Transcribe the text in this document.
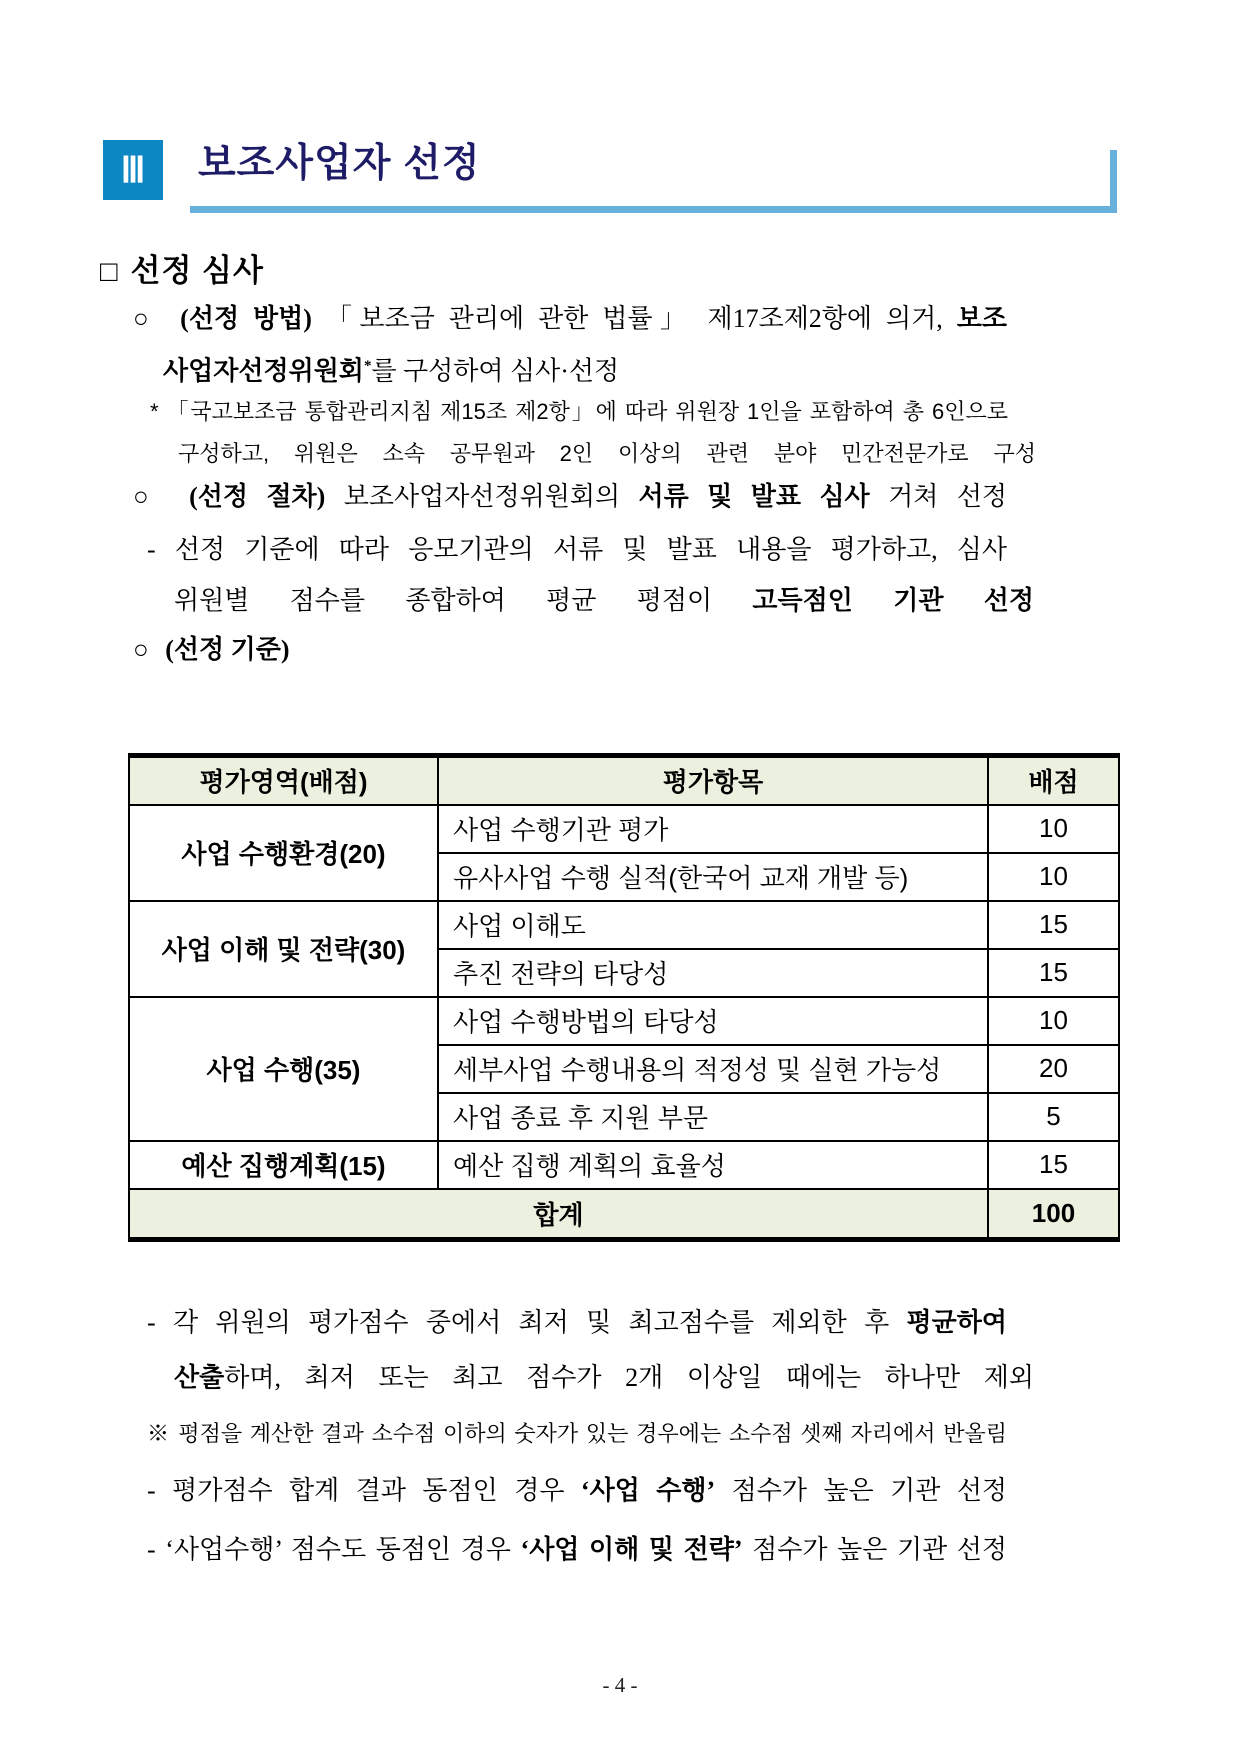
Ⅲ 보조사업자 선정
□ 선정 심사
○ (선정 방법) 「보조금 관리에 관한 법률」 제17조제2항에 의거, 보조
사업자선정위원회*를 구성하여 심사·선정
* 「국고보조금 통합관리지침 제15조 제2항」에 따라 위원장 1인을 포함하여 총 6인으로
구성하고, 위원은 소속 공무원과 2인 이상의 관련 분야 민간전문가로 구성
○ (선정 절차) 보조사업자선정위원회의 서류 및 발표 심사 거쳐 선정
- 선정 기준에 따라 응모기관의 서류 및 발표 내용을 평가하고, 심사
위원별 점수를 종합하여 평균 평점이 고득점인 기관 선정
○ (선정 기준)
평가영역(배점)	평가항목	배점
사업 수행환경(20)	사업 수행기관 평가	10
	유사사업 수행 실적(한국어 교재 개발 등)	10
사업 이해 및 전략(30)	사업 이해도	15
	추진 전략의 타당성	15
사업 수행(35)	사업 수행방법의 타당성	10
	세부사업 수행내용의 적정성 및 실현 가능성	20
	사업 종료 후 지원 부문	5
예산 집행계획(15)	예산 집행 계획의 효율성	15
합계		100
- 각 위원의 평가점수 중에서 최저 및 최고점수를 제외한 후 평균하여
산출하며, 최저 또는 최고 점수가 2개 이상일 때에는 하나만 제외
※ 평점을 계산한 결과 소수점 이하의 숫자가 있는 경우에는 소수점 셋째 자리에서 반올림
- 평가점수 합계 결과 동점인 경우 ‘사업 수행’ 점수가 높은 기관 선정
- ‘사업수행’ 점수도 동점인 경우 ‘사업 이해 및 전략’ 점수가 높은 기관 선정
- 4 -
